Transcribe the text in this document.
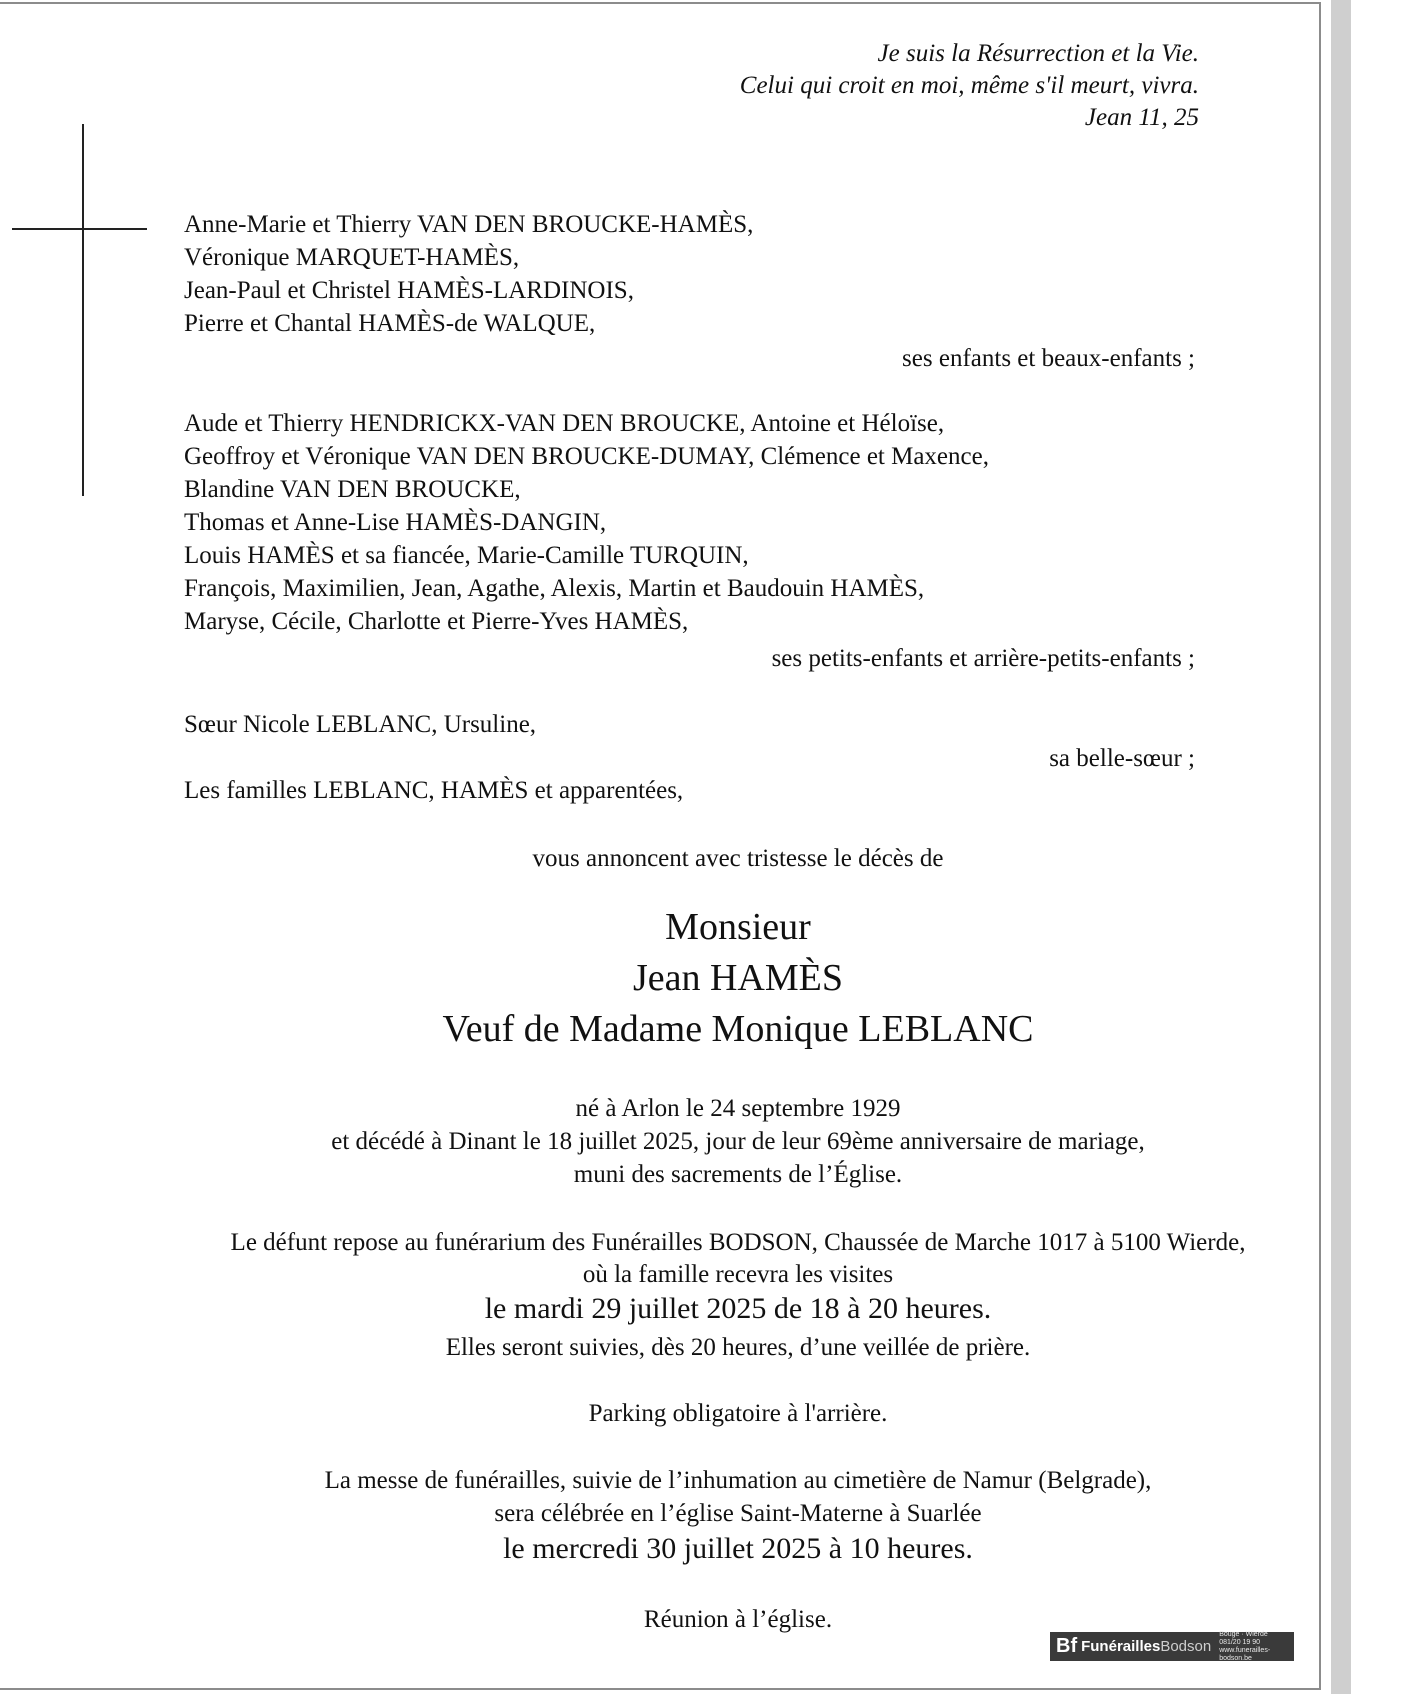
Je suis la Résurrection et la Vie.
Celui qui croit en moi, même s'il meurt, vivra.
Jean 11, 25
Anne-Marie et Thierry VAN DEN BROUCKE-HAMÈS,
Véronique MARQUET-HAMÈS,
Jean-Paul et Christel HAMÈS-LARDINOIS,
Pierre et Chantal HAMÈS-de WALQUE,
ses enfants et beaux-enfants ;
Aude et Thierry HENDRICKX-VAN DEN BROUCKE, Antoine et Héloïse,
Geoffroy et Véronique VAN DEN BROUCKE-DUMAY, Clémence et Maxence,
Blandine VAN DEN BROUCKE,
Thomas et Anne-Lise HAMÈS-DANGIN,
Louis HAMÈS et sa fiancée, Marie-Camille TURQUIN,
François, Maximilien, Jean, Agathe, Alexis, Martin et Baudouin HAMÈS,
Maryse, Cécile, Charlotte et Pierre-Yves HAMÈS,
ses petits-enfants et arrière-petits-enfants ;
Sœur Nicole LEBLANC, Ursuline,
sa belle-sœur ;
Les familles LEBLANC, HAMÈS et apparentées,
vous annoncent avec tristesse le décès de
Monsieur
Jean HAMÈS
Veuf de Madame Monique LEBLANC
né à Arlon le 24 septembre 1929
et décédé à Dinant le 18 juillet 2025, jour de leur 69ème anniversaire de mariage,
muni des sacrements de l’Église.
Le défunt repose au funérarium des Funérailles BODSON, Chaussée de Marche 1017 à 5100 Wierde,
où la famille recevra les visites
le mardi 29 juillet 2025 de 18 à 20 heures.
Elles seront suivies, dès 20 heures, d’une veillée de prière.
Parking obligatoire à l'arrière.
La messe de funérailles, suivie de l’inhumation au cimetière de Namur (Belgrade),
sera célébrée en l’église Saint-Materne à Suarlée
le mercredi 30 juillet 2025 à 10 heures.
Réunion à l’église.
Bf Funérailles Bodson
Bouge · Wierde 081/20 19 90
www.funerailles-bodson.be
